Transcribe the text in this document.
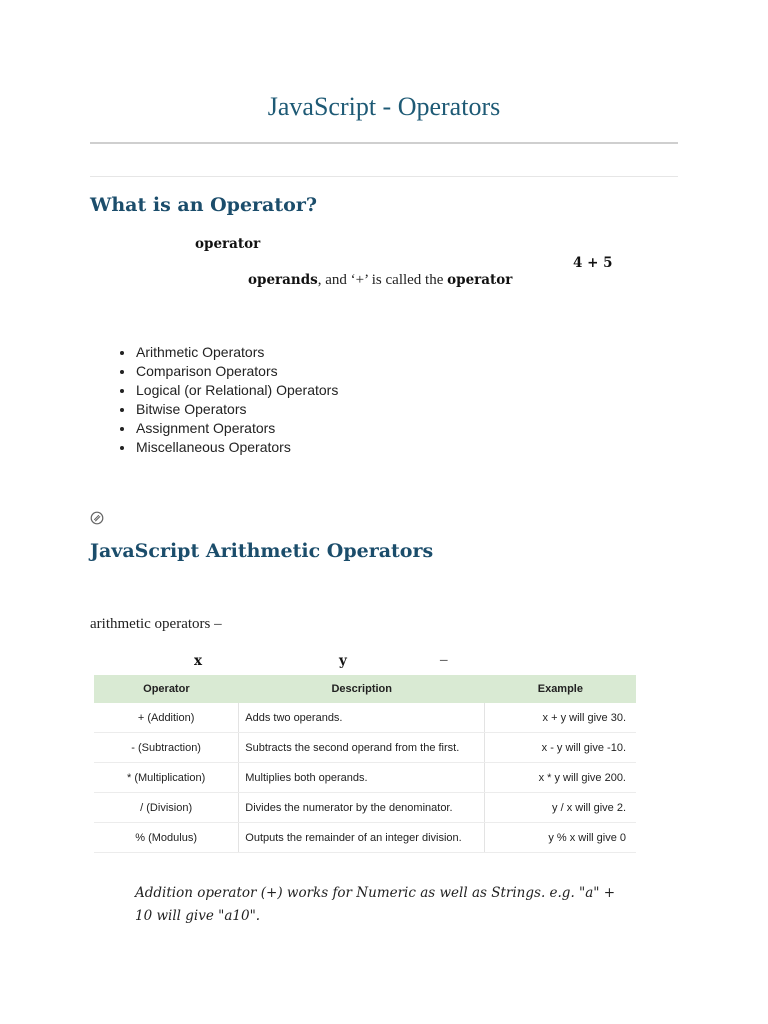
JavaScript - Operators
What is an Operator?
operator
4 + 5
operands, and ‘+’ is called the operator
• Arithmetic Operators
• Comparison Operators
• Logical (or Relational) Operators
• Bitwise Operators
• Assignment Operators
• Miscellaneous Operators
JavaScript Arithmetic Operators
arithmetic operators –
x	y	–
Operator	Description	Example
+ (Addition)	Adds two operands.	x + y will give 30.
- (Subtraction)	Subtracts the second operand from the first.	x - y will give -10.
* (Multiplication)	Multiplies both operands.	x * y will give 200.
/ (Division)	Divides the numerator by the denominator.	y / x will give 2.
% (Modulus)	Outputs the remainder of an integer division.	y % x will give 0
Addition operator (+) works for Numeric as well as Strings. e.g. "a" + 10 will give "a10".
